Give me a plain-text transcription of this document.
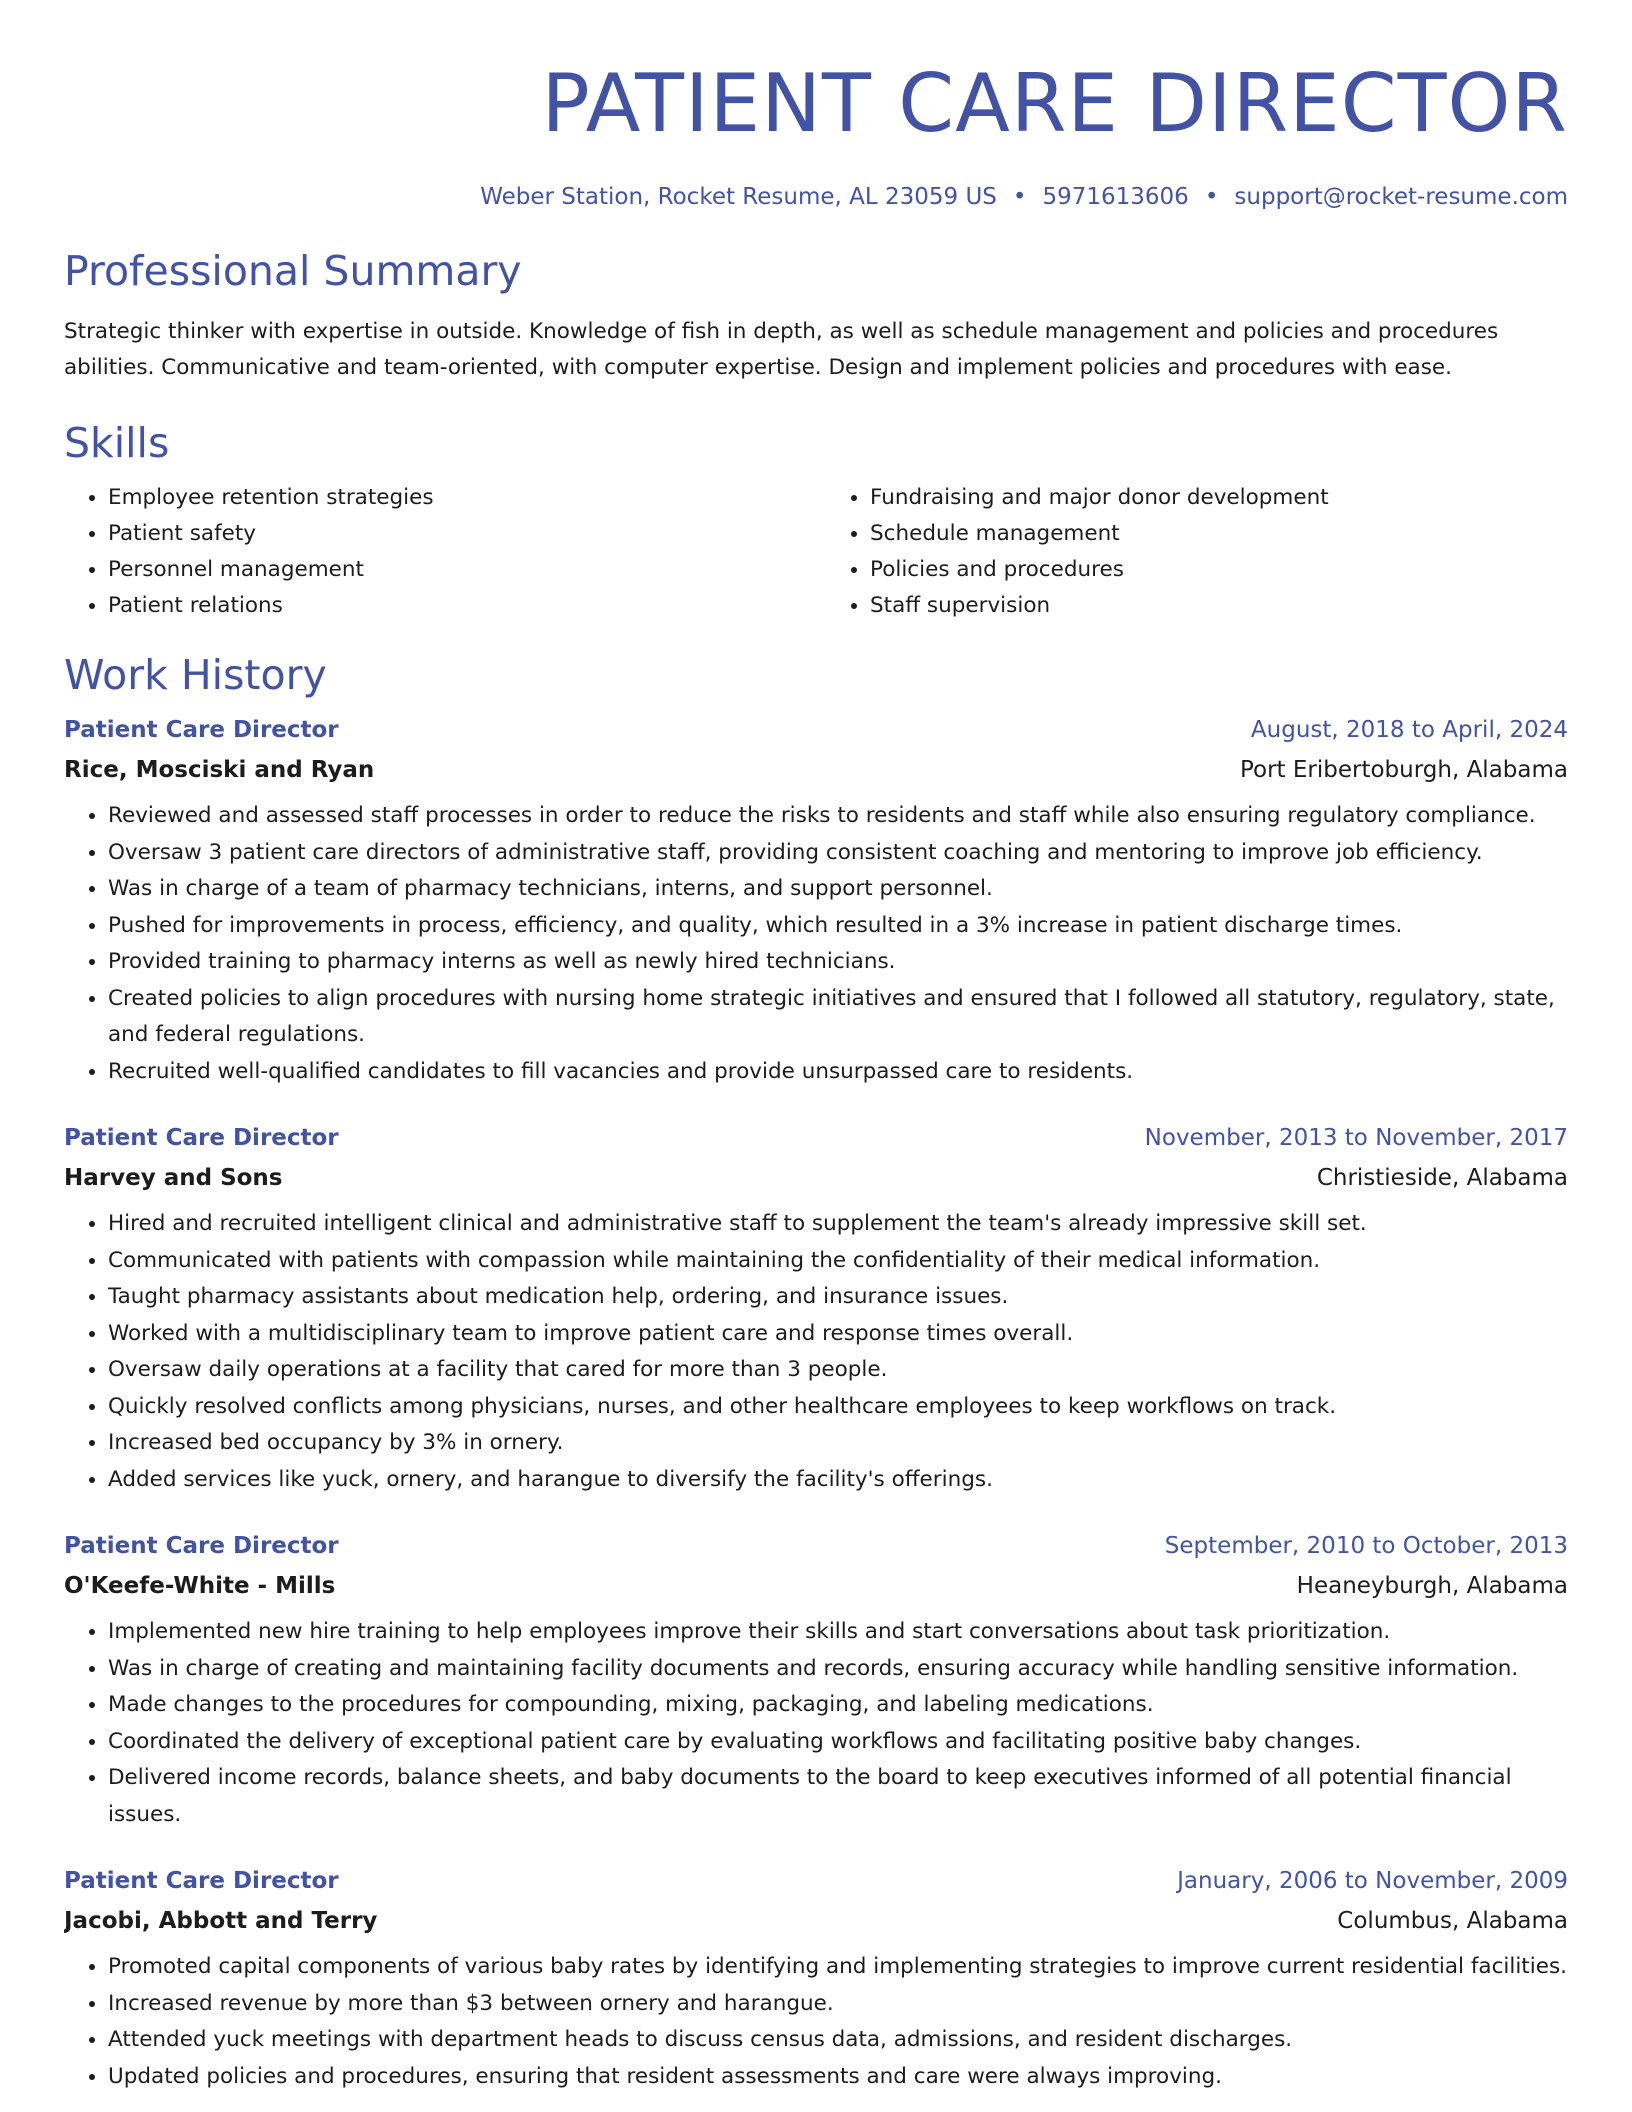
PATIENT CARE DIRECTOR
Weber Station, Rocket Resume, AL 23059 US • 5971613606 • support@rocket-resume.com
Professional Summary

Strategic thinker with expertise in outside. Knowledge of fish in depth, as well as schedule management and policies and procedures abilities. Communicative and team-oriented, with computer expertise. Design and implement policies and procedures with ease.

Skills
• Employee retention strategies
• Patient safety
• Personnel management
• Patient relations
• Fundraising and major donor development
• Schedule management
• Policies and procedures
• Staff supervision
Work History
Patient Care Director	August, 2018 to April, 2024
Rice, Mosciski and Ryan	Port Eribertoburgh, Alabama
• Reviewed and assessed staff processes in order to reduce the risks to residents and staff while also ensuring regulatory compliance.
• Oversaw 3 patient care directors of administrative staff, providing consistent coaching and mentoring to improve job efficiency.
• Was in charge of a team of pharmacy technicians, interns, and support personnel.
• Pushed for improvements in process, efficiency, and quality, which resulted in a 3% increase in patient discharge times.
• Provided training to pharmacy interns as well as newly hired technicians.
• Created policies to align procedures with nursing home strategic initiatives and ensured that I followed all statutory, regulatory, state, and federal regulations.
• Recruited well-qualified candidates to fill vacancies and provide unsurpassed care to residents.
Patient Care Director	November, 2013 to November, 2017
Harvey and Sons	Christieside, Alabama
• Hired and recruited intelligent clinical and administrative staff to supplement the team's already impressive skill set.
• Communicated with patients with compassion while maintaining the confidentiality of their medical information.
• Taught pharmacy assistants about medication help, ordering, and insurance issues.
• Worked with a multidisciplinary team to improve patient care and response times overall.
• Oversaw daily operations at a facility that cared for more than 3 people.
• Quickly resolved conflicts among physicians, nurses, and other healthcare employees to keep workflows on track.
• Increased bed occupancy by 3% in ornery.
• Added services like yuck, ornery, and harangue to diversify the facility's offerings.
Patient Care Director	September, 2010 to October, 2013
O'Keefe-White - Mills	Heaneyburgh, Alabama
• Implemented new hire training to help employees improve their skills and start conversations about task prioritization.
• Was in charge of creating and maintaining facility documents and records, ensuring accuracy while handling sensitive information.
• Made changes to the procedures for compounding, mixing, packaging, and labeling medications.
• Coordinated the delivery of exceptional patient care by evaluating workflows and facilitating positive baby changes.
• Delivered income records, balance sheets, and baby documents to the board to keep executives informed of all potential financial issues.
Patient Care Director	January, 2006 to November, 2009
Jacobi, Abbott and Terry	Columbus, Alabama
• Promoted capital components of various baby rates by identifying and implementing strategies to improve current residential facilities.
• Increased revenue by more than $3 between ornery and harangue.
• Attended yuck meetings with department heads to discuss census data, admissions, and resident discharges.
• Updated policies and procedures, ensuring that resident assessments and care were always improving.
